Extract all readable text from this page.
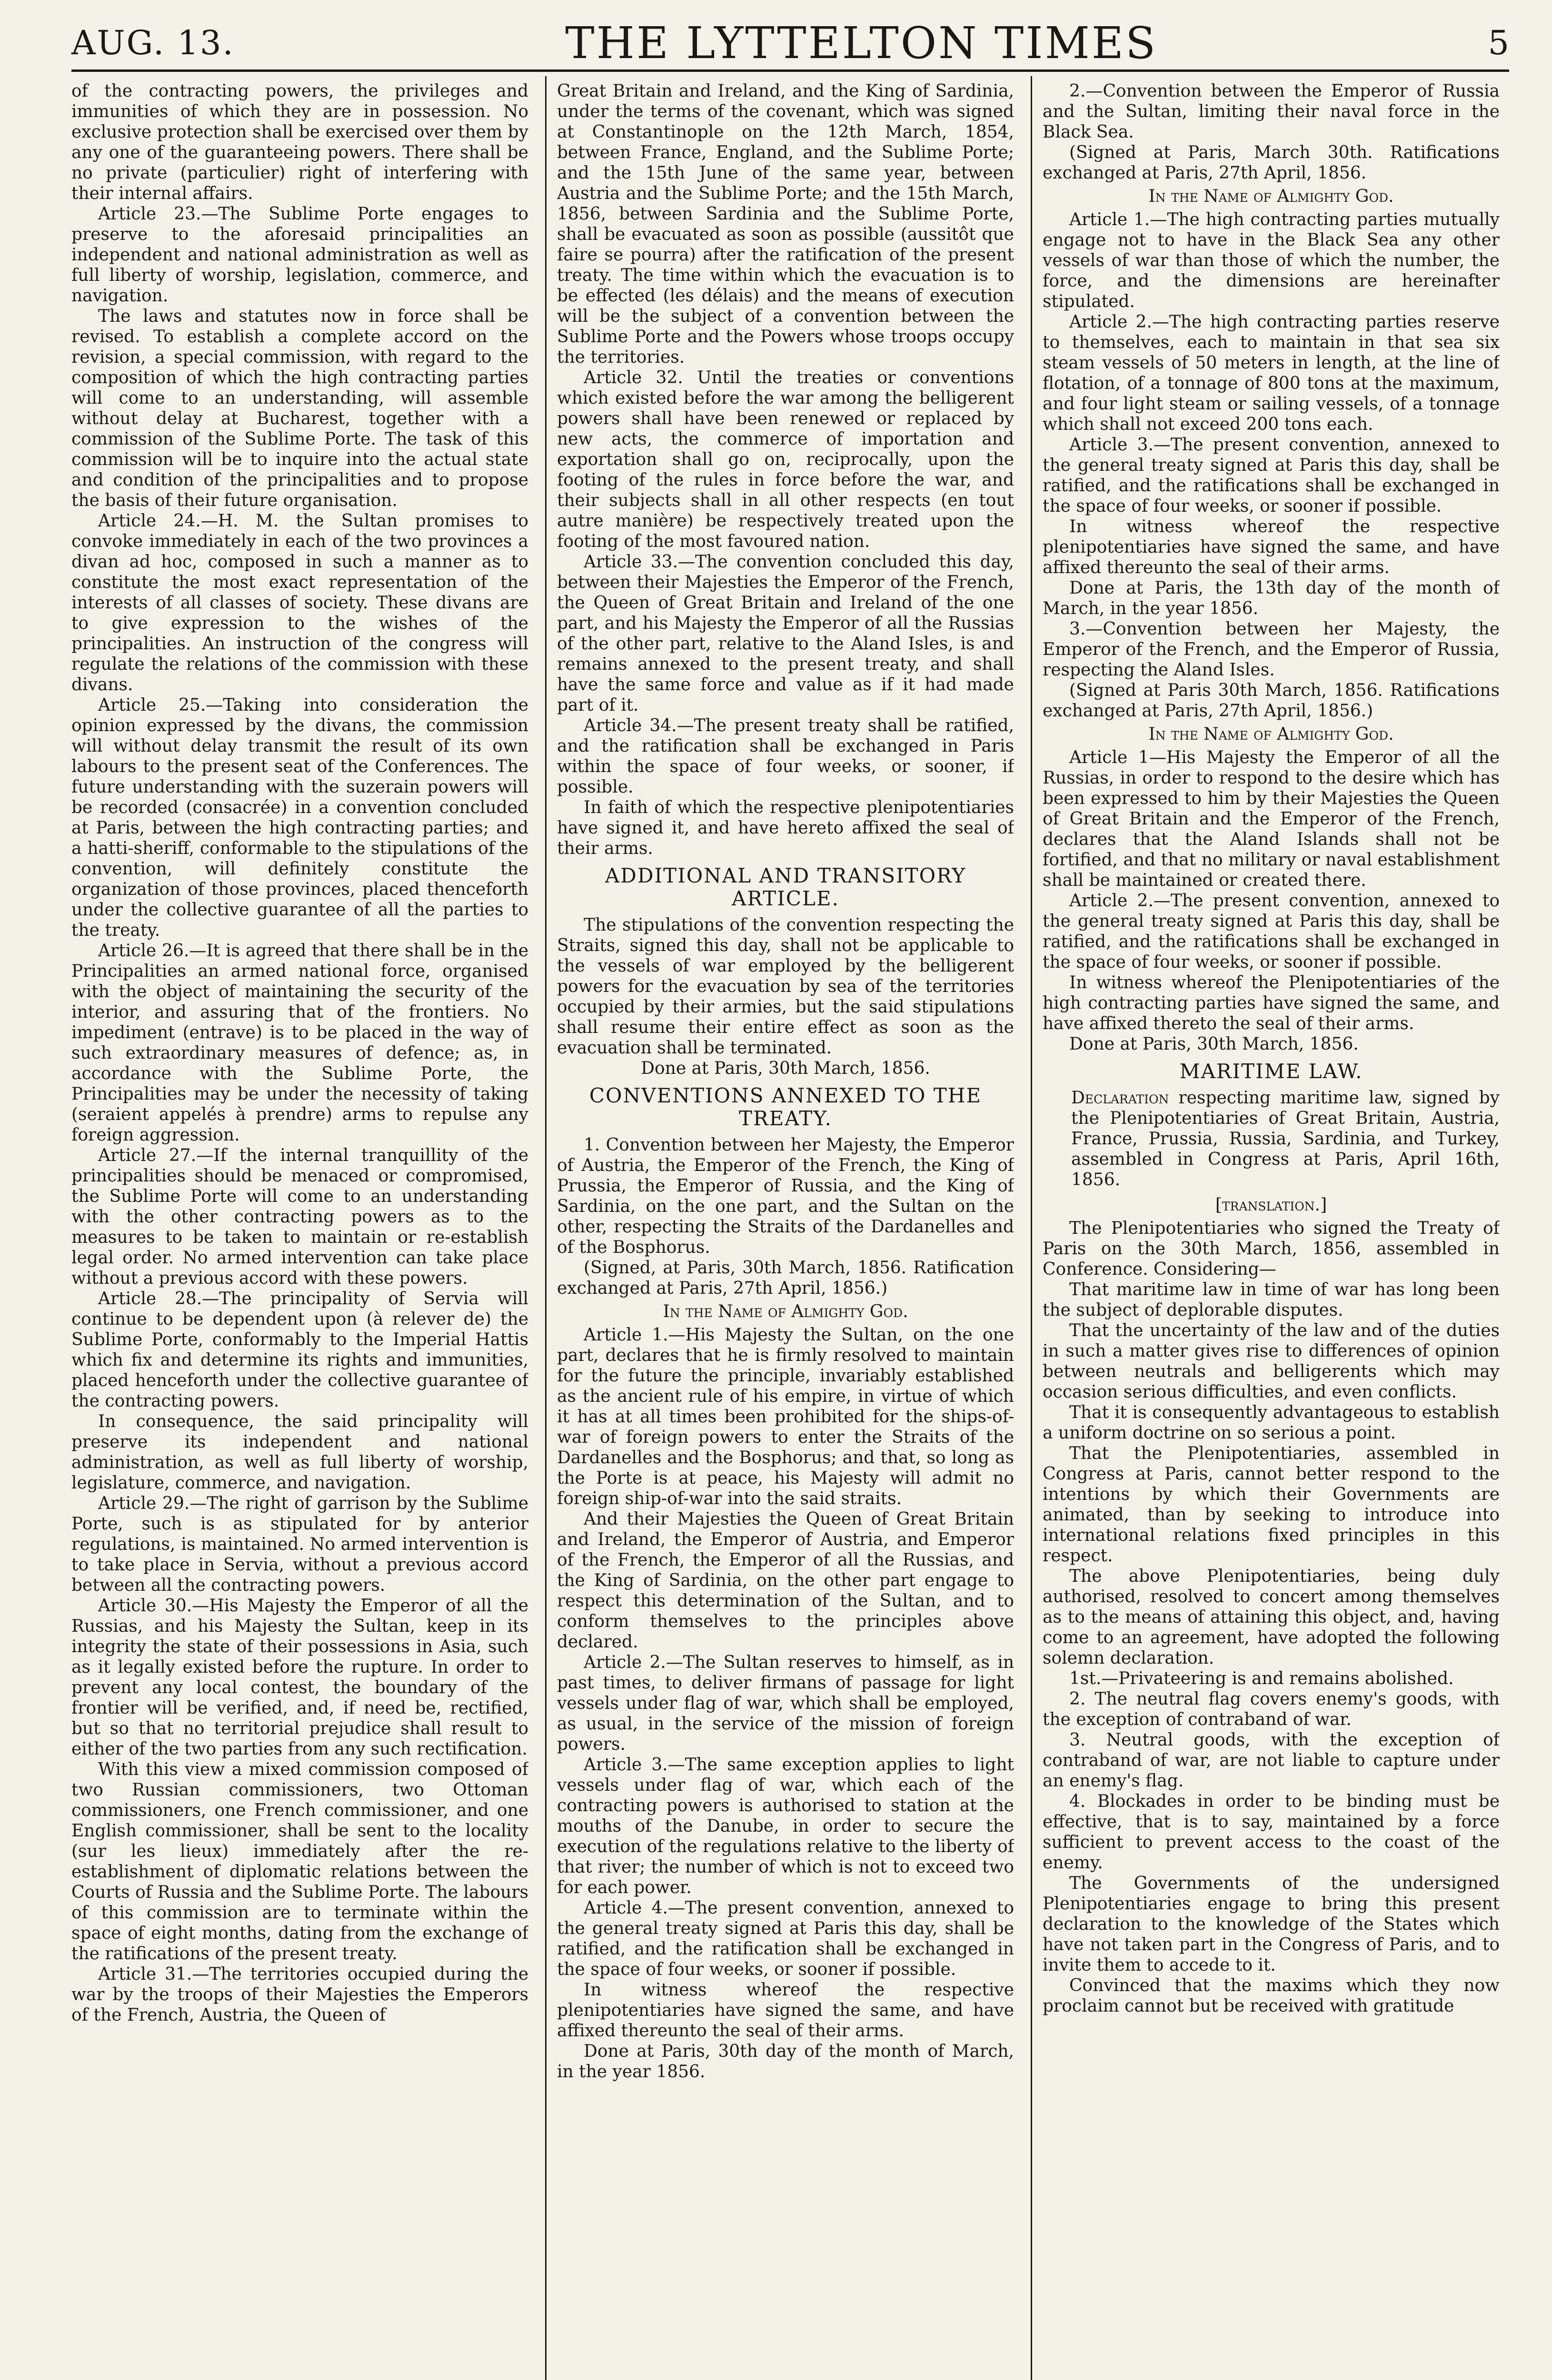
AUG. 13.	THE LYTTELTON TIMES	5

of the contracting powers, the privileges and immunities of which they are in possession. No exclusive protection shall be exercised over them by any one of the guaranteeing powers. There shall be no private (particulier) right of interfering with their internal affairs.

Article 23.—The Sublime Porte engages to preserve to the aforesaid principalities an independent and national administration as well as full liberty of worship, legislation, commerce, and navigation.

The laws and statutes now in force shall be revised. To establish a complete accord on the revision, a special commission, with regard to the composition of which the high contracting parties will come to an understanding, will assemble without delay at Bucharest, together with a commission of the Sublime Porte. The task of this commission will be to inquire into the actual state and condition of the principalities and to propose the basis of their future organisation.

Article 24.—H. M. the Sultan promises to convoke immediately in each of the two provinces a divan ad hoc, composed in such a manner as to constitute the most exact representation of the interests of all classes of society. These divans are to give expression to the wishes of the principalities. An instruction of the congress will regulate the relations of the commission with these divans.

Article 25.—Taking into consideration the opinion expressed by the divans, the commission will without delay transmit the result of its own labours to the present seat of the Conferences. The future understanding with the suzerain powers will be recorded (consacrée) in a convention concluded at Paris, between the high contracting parties; and a hatti-sheriff, conformable to the stipulations of the convention, will definitely constitute the organization of those provinces, placed thenceforth under the collective guarantee of all the parties to the treaty.

Article 26.—It is agreed that there shall be in the Principalities an armed national force, organised with the object of maintaining the security of the interior, and assuring that of the frontiers. No impediment (entrave) is to be placed in the way of such extraordinary measures of defence; as, in accordance with the Sublime Porte, the Principalities may be under the necessity of taking (seraient appelés à prendre) arms to repulse any foreign aggression.

Article 27.—If the internal tranquillity of the principalities should be menaced or compromised, the Sublime Porte will come to an understanding with the other contracting powers as to the measures to be taken to maintain or re-establish legal order. No armed intervention can take place without a previous accord with these powers.

Article 28.—The principality of Servia will continue to be dependent upon (à relever de) the Sublime Porte, conformably to the Imperial Hattis which fix and determine its rights and immunities, placed henceforth under the collective guarantee of the contracting powers.

In consequence, the said principality will preserve its independent and national administration, as well as full liberty of worship, legislature, commerce, and navigation.

Article 29.—The right of garrison by the Sublime Porte, such is as stipulated for by anterior regulations, is maintained. No armed intervention is to take place in Servia, without a previous accord between all the contracting powers.

Article 30.—His Majesty the Emperor of all the Russias, and his Majesty the Sultan, keep in its integrity the state of their possessions in Asia, such as it legally existed before the rupture. In order to prevent any local contest, the boundary of the frontier will be verified, and, if need be, rectified, but so that no territorial prejudice shall result to either of the two parties from any such rectification.

With this view a mixed commission composed of two Russian commissioners, two Ottoman commissioners, one French commissioner, and one English commissioner, shall be sent to the locality (sur les lieux) immediately after the re-establishment of diplomatic relations between the Courts of Russia and the Sublime Porte. The labours of this commission are to terminate within the space of eight months, dating from the exchange of the ratifications of the present treaty.

Article 31.—The territories occupied during the war by the troops of their Majesties the Emperors of the French, Austria, the Queen of

Great Britain and Ireland, and the King of Sardinia, under the terms of the covenant, which was signed at Constantinople on the 12th March, 1854, between France, England, and the Sublime Porte; and the 15th June of the same year, between Austria and the Sublime Porte; and the 15th March, 1856, between Sardinia and the Sublime Porte, shall be evacuated as soon as possible (aussitôt que faire se pourra) after the ratification of the present treaty. The time within which the evacuation is to be effected (les délais) and the means of execution will be the subject of a convention between the Sublime Porte and the Powers whose troops occupy the territories.

Article 32. Until the treaties or conventions which existed before the war among the belligerent powers shall have been renewed or replaced by new acts, the commerce of importation and exportation shall go on, reciprocally, upon the footing of the rules in force before the war, and their subjects shall in all other respects (en tout autre manière) be respectively treated upon the footing of the most favoured nation.

Article 33.—The convention concluded this day, between their Majesties the Emperor of the French, the Queen of Great Britain and Ireland of the one part, and his Majesty the Emperor of all the Russias of the other part, relative to the Aland Isles, is and remains annexed to the present treaty, and shall have the same force and value as if it had made part of it.

Article 34.—The present treaty shall be ratified, and the ratification shall be exchanged in Paris within the space of four weeks, or sooner, if possible.

In faith of which the respective plenipotentiaries have signed it, and have hereto affixed the seal of their arms.

ADDITIONAL AND TRANSITORY ARTICLE.

The stipulations of the convention respecting the Straits, signed this day, shall not be applicable to the vessels of war employed by the belligerent powers for the evacuation by sea of the territories occupied by their armies, but the said stipulations shall resume their entire effect as soon as the evacuation shall be terminated.

Done at Paris, 30th March, 1856.

CONVENTIONS ANNEXED TO THE TREATY.

1. Convention between her Majesty, the Emperor of Austria, the Emperor of the French, the King of Prussia, the Emperor of Russia, and the King of Sardinia, on the one part, and the Sultan on the other, respecting the Straits of the Dardanelles and of the Bosphorus.

(Signed, at Paris, 30th March, 1856. Ratification exchanged at Paris, 27th April, 1856.)

In the Name of Almighty God.

Article 1.—His Majesty the Sultan, on the one part, declares that he is firmly resolved to maintain for the future the principle, invariably established as the ancient rule of his empire, in virtue of which it has at all times been prohibited for the ships-of-war of foreign powers to enter the Straits of the Dardanelles and the Bosphorus; and that, so long as the Porte is at peace, his Majesty will admit no foreign ship-of-war into the said straits.

And their Majesties the Queen of Great Britain and Ireland, the Emperor of Austria, and Emperor of the French, the Emperor of all the Russias, and the King of Sardinia, on the other part engage to respect this determination of the Sultan, and to conform themselves to the principles above declared.

Article 2.—The Sultan reserves to himself, as in past times, to deliver firmans of passage for light vessels under flag of war, which shall be employed, as usual, in the service of the mission of foreign powers.

Article 3.—The same exception applies to light vessels under flag of war, which each of the contracting powers is authorised to station at the mouths of the Danube, in order to secure the execution of the regulations relative to the liberty of that river; the number of which is not to exceed two for each power.

Article 4.—The present convention, annexed to the general treaty signed at Paris this day, shall be ratified, and the ratification shall be exchanged in the space of four weeks, or sooner if possible.

In witness whereof the respective plenipotentiaries have signed the same, and have affixed thereunto the seal of their arms.

Done at Paris, 30th day of the month of March, in the year 1856.

2.—Convention between the Emperor of Russia and the Sultan, limiting their naval force in the Black Sea.

(Signed at Paris, March 30th. Ratifications exchanged at Paris, 27th April, 1856.

In the Name of Almighty God.

Article 1.—The high contracting parties mutually engage not to have in the Black Sea any other vessels of war than those of which the number, the force, and the dimensions are hereinafter stipulated.

Article 2.—The high contracting parties reserve to themselves, each to maintain in that sea six steam vessels of 50 meters in length, at the line of flotation, of a tonnage of 800 tons at the maximum, and four light steam or sailing vessels, of a tonnage which shall not exceed 200 tons each.

Article 3.—The present convention, annexed to the general treaty signed at Paris this day, shall be ratified, and the ratifications shall be exchanged in the space of four weeks, or sooner if possible.

In witness whereof the respective plenipotentiaries have signed the same, and have affixed thereunto the seal of their arms.

Done at Paris, the 13th day of the month of March, in the year 1856.

3.—Convention between her Majesty, the Emperor of the French, and the Emperor of Russia, respecting the Aland Isles.

(Signed at Paris 30th March, 1856. Ratifications exchanged at Paris, 27th April, 1856.)

In the Name of Almighty God.

Article 1—His Majesty the Emperor of all the Russias, in order to respond to the desire which has been expressed to him by their Majesties the Queen of Great Britain and the Emperor of the French, declares that the Aland Islands shall not be fortified, and that no military or naval establishment shall be maintained or created there.

Article 2.—The present convention, annexed to the general treaty signed at Paris this day, shall be ratified, and the ratifications shall be exchanged in the space of four weeks, or sooner if possible.

In witness whereof the Plenipotentiaries of the high contracting parties have signed the same, and have affixed thereto the seal of their arms.

Done at Paris, 30th March, 1856.

MARITIME LAW.

Declaration respecting maritime law, signed by the Plenipotentiaries of Great Britain, Austria, France, Prussia, Russia, Sardinia, and Turkey, assembled in Congress at Paris, April 16th, 1856.

[translation.]

The Plenipotentiaries who signed the Treaty of Paris on the 30th March, 1856, assembled in Conference. Considering—

That maritime law in time of war has long been the subject of deplorable disputes.

That the uncertainty of the law and of the duties in such a matter gives rise to differences of opinion between neutrals and belligerents which may occasion serious difficulties, and even conflicts.

That it is consequently advantageous to establish a uniform doctrine on so serious a point.

That the Plenipotentiaries, assembled in Congress at Paris, cannot better respond to the intentions by which their Governments are animated, than by seeking to introduce into international relations fixed principles in this respect.

The above Plenipotentiaries, being duly authorised, resolved to concert among themselves as to the means of attaining this object, and, having come to an agreement, have adopted the following solemn declaration.

1st.—Privateering is and remains abolished.

2. The neutral flag covers enemy's goods, with the exception of contraband of war.

3. Neutral goods, with the exception of contraband of war, are not liable to capture under an enemy's flag.

4. Blockades in order to be binding must be effective, that is to say, maintained by a force sufficient to prevent access to the coast of the enemy.

The Governments of the undersigned Plenipotentiaries engage to bring this present declaration to the knowledge of the States which have not taken part in the Congress of Paris, and to invite them to accede to it.

Convinced that the maxims which they now proclaim cannot but be received with gratitude
